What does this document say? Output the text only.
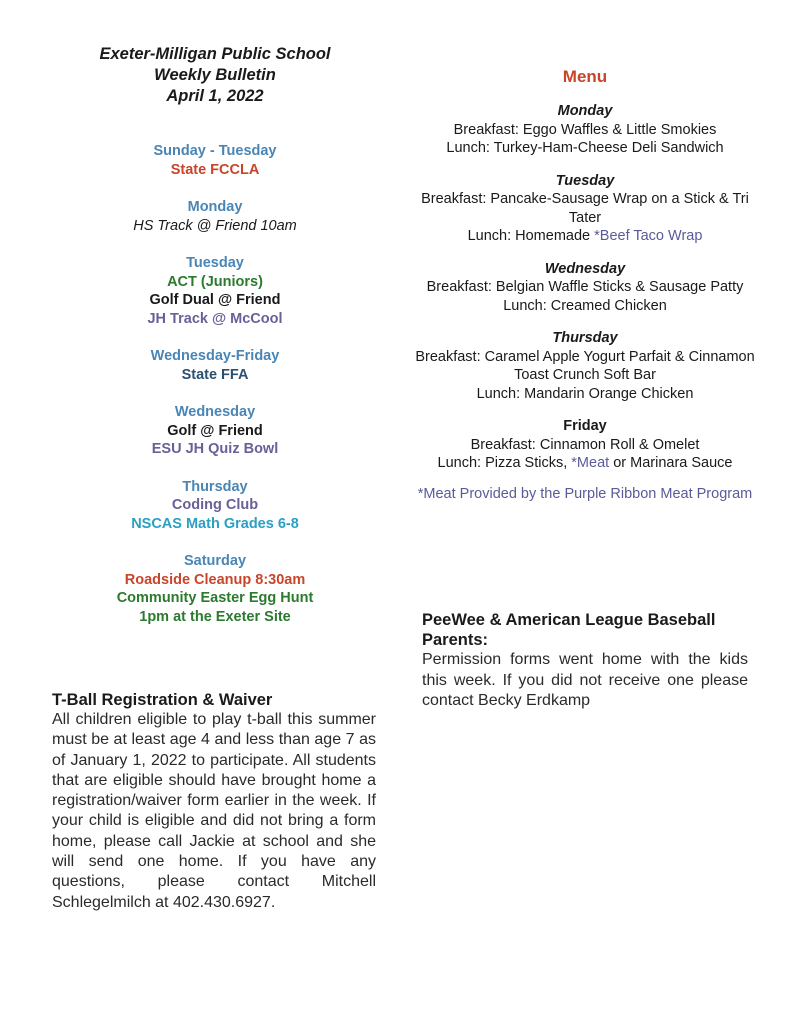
Exeter-Milligan Public School
Weekly Bulletin
April 1, 2022
Sunday - Tuesday
State FCCLA
Monday
HS Track @ Friend 10am
Tuesday
ACT (Juniors)
Golf Dual @ Friend
JH Track @ McCool
Wednesday-Friday
State FFA
Wednesday
Golf @ Friend
ESU JH Quiz Bowl
Thursday
Coding Club
NSCAS Math Grades 6-8
Saturday
Roadside Cleanup 8:30am
Community Easter Egg Hunt
1pm at the Exeter Site
T-Ball Registration & Waiver
All children eligible to play t-ball this summer must be at least age 4 and less than age 7 as of January 1, 2022 to participate. All students that are eligible should have brought home a registration/waiver form earlier in the week. If your child is eligible and did not bring a form home, please call Jackie at school and she will send one home. If you have any questions, please contact Mitchell Schlegelmilch at 402.430.6927.
Menu
Monday
Breakfast: Eggo Waffles & Little Smokies
Lunch: Turkey-Ham-Cheese Deli Sandwich
Tuesday
Breakfast: Pancake-Sausage Wrap on a Stick & Tri Tater
Lunch: Homemade *Beef Taco Wrap
Wednesday
Breakfast: Belgian Waffle Sticks & Sausage Patty
Lunch: Creamed Chicken
Thursday
Breakfast: Caramel Apple Yogurt Parfait & Cinnamon Toast Crunch Soft Bar
Lunch: Mandarin Orange Chicken
Friday
Breakfast: Cinnamon Roll & Omelet
Lunch: Pizza Sticks, *Meat or Marinara Sauce
*Meat Provided by the Purple Ribbon Meat Program
PeeWee & American League Baseball Parents:
Permission forms went home with the kids this week. If you did not receive one please contact Becky Erdkamp
